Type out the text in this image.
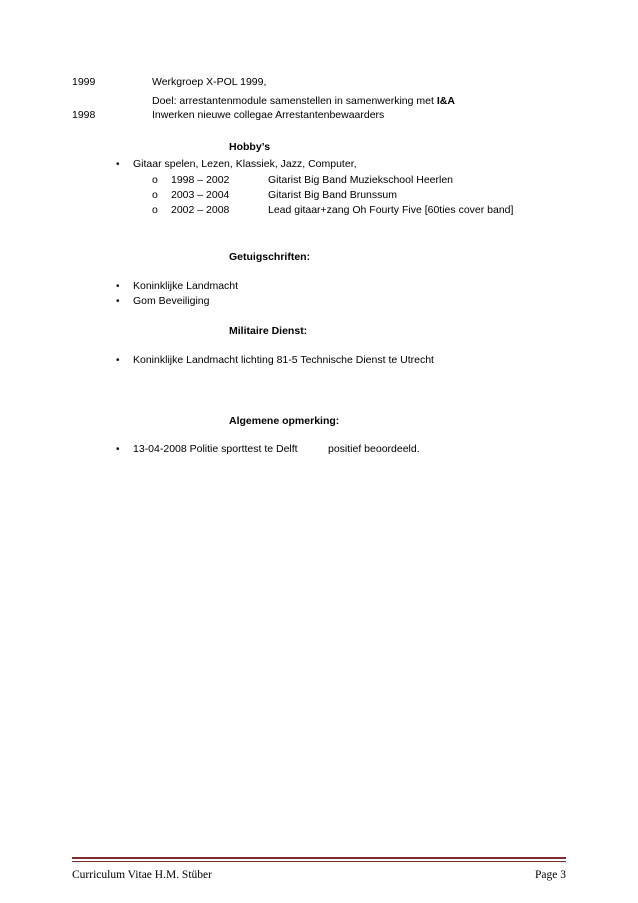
1999	Werkgroep X-POL 1999,
Doel: arrestantenmodule samenstellen in samenwerking met I&A
1998	Inwerken nieuwe collegae Arrestantenbewaarders
Hobby’s
• Gitaar spelen, Lezen, Klassiek, Jazz, Computer,
o 1998 – 2002	Gitarist Big Band Muziekschool Heerlen
o 2003 – 2004	Gitarist Big Band Brunssum
o 2002 – 2008	Lead gitaar+zang Oh Fourty Five [60ties cover band]
Getuigschriften:
• Koninklijke Landmacht
• Gom Beveiliging
Militaire Dienst:
• Koninklijke Landmacht lichting 81-5 Technische Dienst te Utrecht
Algemene opmerking:
• 13-04-2008 Politie sporttest te Delft	positief beoordeeld.
Curriculum Vitae H.M. Stüber	Page 3
